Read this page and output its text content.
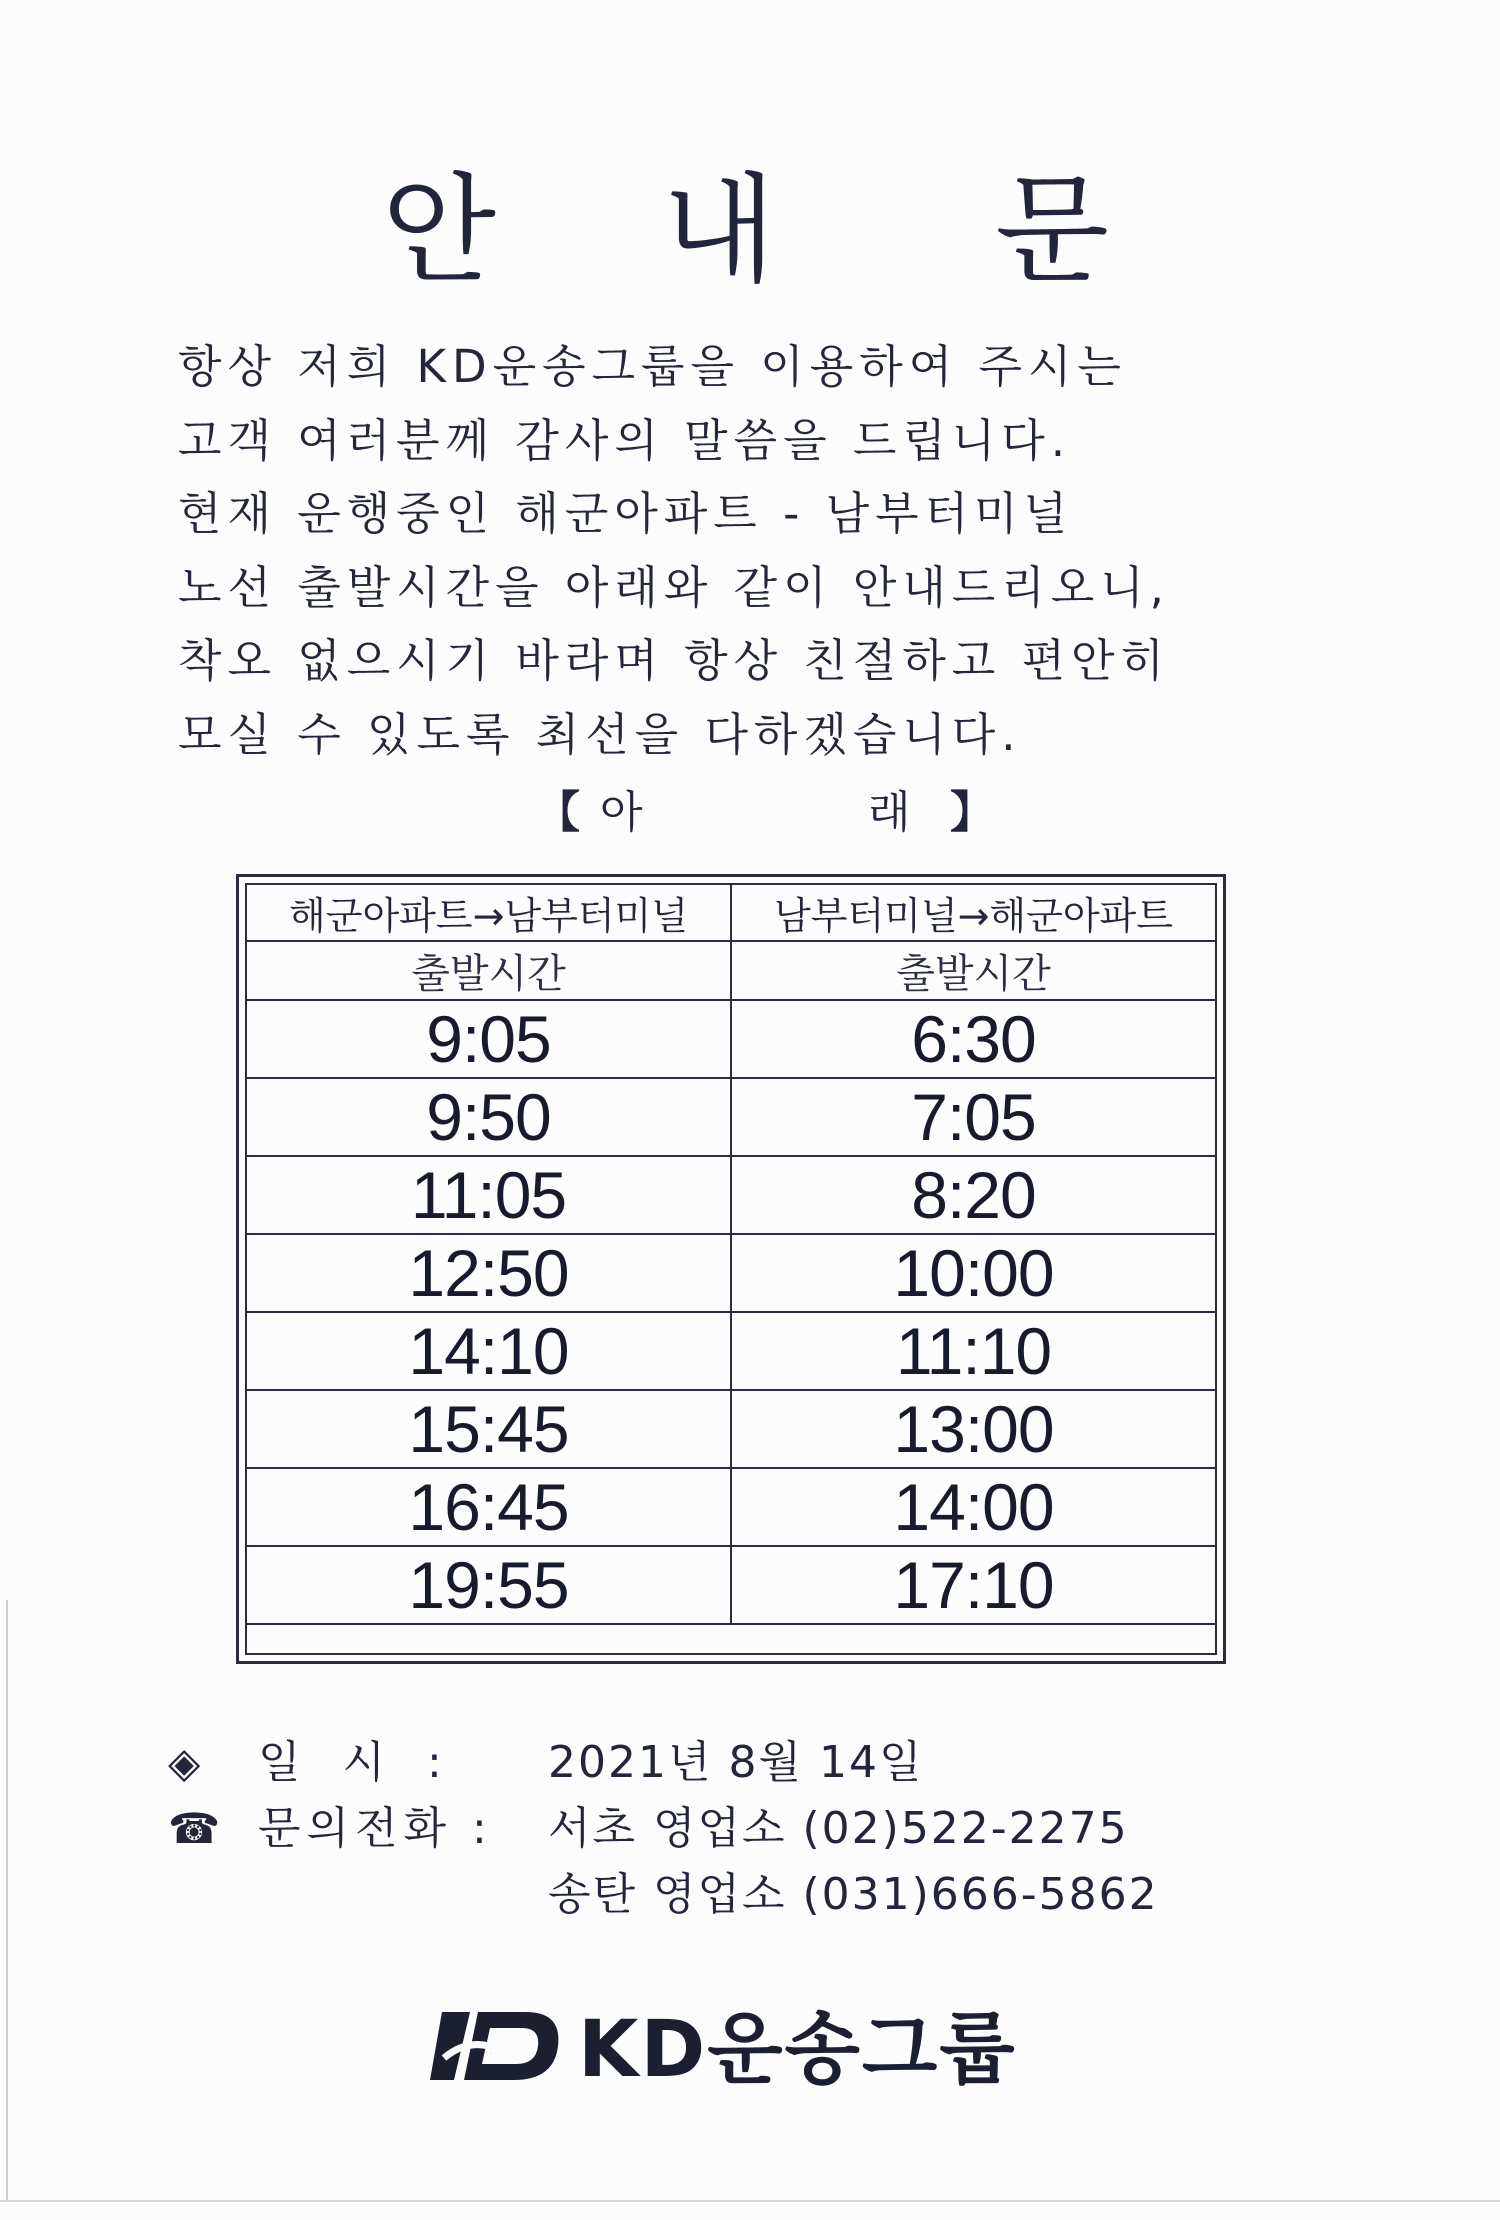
안 내 문
항상 저희 KD운송그룹을 이용하여 주시는
고객 여러분께 감사의 말씀을 드립니다.
현재 운행중인 해군아파트 - 남부터미널
노선 출발시간을 아래와 같이 안내드리오니,
착오 없으시기 바라며 항상 친절하고 편안히
모실 수 있도록 최선을 다하겠습니다.
【 아	래 】
해군아파트→남부터미널	남부터미널→해군아파트
출발시간	출발시간
9:05	6:30
9:50	7:05
11:05	8:20
12:50	10:00
14:10	11:10
15:45	13:00
16:45	14:00
19:55	17:10

◈ 일 시 : 2021년 8월 14일
☎ 문의전화 : 서초 영업소 (02)522-2275
송탄 영업소 (031)666-5862
KD KD운송그룹
